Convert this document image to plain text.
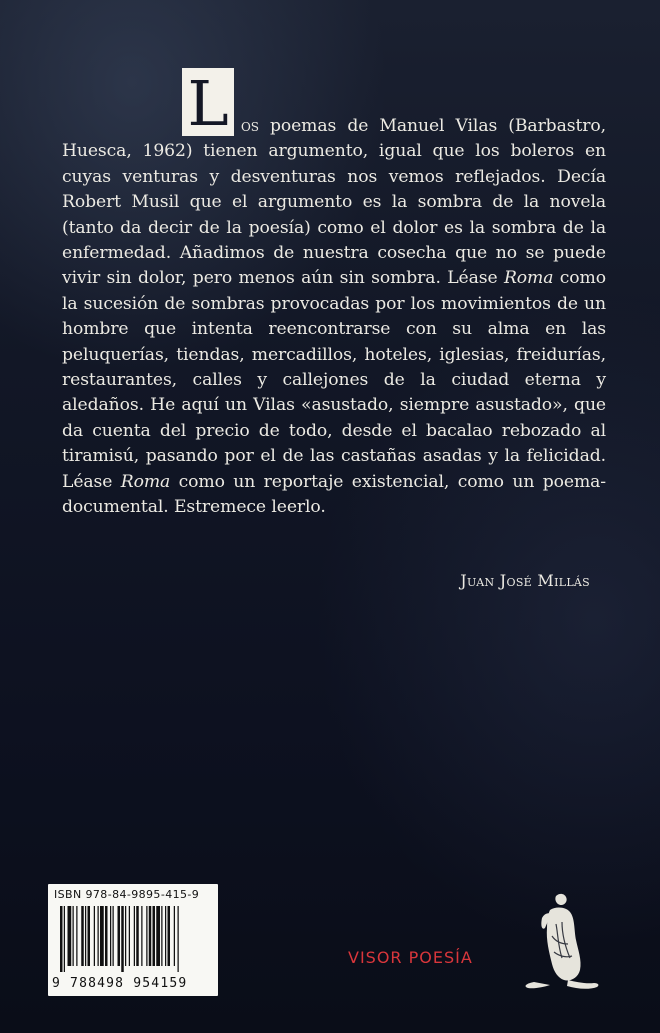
L os poemas de Manuel Vilas (Barbastro, Huesca, 1962) tienen argumento, igual que los boleros en cuyas venturas y desventuras nos vemos reflejados. Decía Robert Musil que el argumento es la sombra de la novela (tanto da decir de la poesía) como el dolor es la sombra de la enfermedad. Añadimos de nuestra cosecha que no se puede vivir sin dolor, pero menos aún sin sombra. Léase Roma como la sucesión de sombras provocadas por los movimientos de un hombre que intenta reencontrarse con su alma en las peluquerías, tiendas, mercadillos, hoteles, iglesias, freidurías, restaurantes, calles y callejones de la ciudad eterna y aledaños. He aquí un Vilas «asustado, siempre asustado», que da cuenta del precio de todo, desde el bacalao rebozado al tiramisú, pasando por el de las castañas asadas y la felicidad. Léase Roma como un reportaje existencial, como un poema-documental. Estremece leerlo.

Juan José Millás
ISBN 978-84-9895-415-9
9 788498 954159
VISOR POESÍA
